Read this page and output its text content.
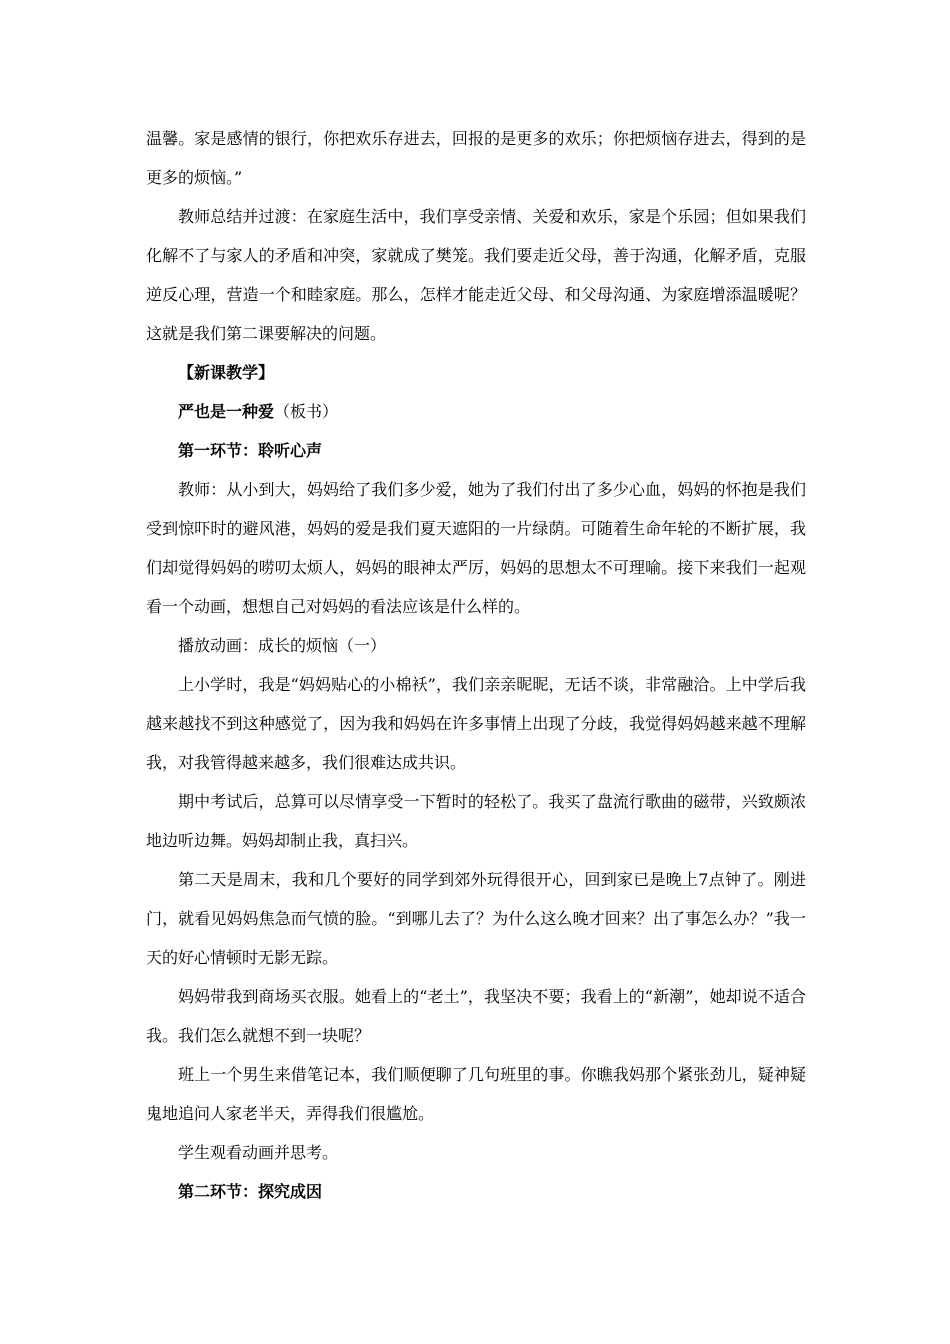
温馨。家是感情的银行，你把欢乐存进去，回报的是更多的欢乐；你把烦恼存进去，得到的是更多的烦恼。”

教师总结并过渡：在家庭生活中，我们享受亲情、关爱和欢乐，家是个乐园；但如果我们化解不了与家人的矛盾和冲突，家就成了樊笼。我们要走近父母，善于沟通，化解矛盾，克服逆反心理，营造一个和睦家庭。那么，怎样才能走近父母、和父母沟通、为家庭增添温暖呢？这就是我们第二课要解决的问题。

【新课教学】

严也是一种爱（板书）

第一环节：聆听心声

教师：从小到大，妈妈给了我们多少爱，她为了我们付出了多少心血，妈妈的怀抱是我们受到惊吓时的避风港，妈妈的爱是我们夏天遮阳的一片绿荫。可随着生命年轮的不断扩展，我们却觉得妈妈的唠叨太烦人，妈妈的眼神太严厉，妈妈的思想太不可理喻。接下来我们一起观看一个动画，想想自己对妈妈的看法应该是什么样的。

播放动画：成长的烦恼（一）

上小学时，我是“妈妈贴心的小棉袄”，我们亲亲昵昵，无话不谈，非常融洽。上中学后我越来越找不到这种感觉了，因为我和妈妈在许多事情上出现了分歧，我觉得妈妈越来越不理解我，对我管得越来越多，我们很难达成共识。

期中考试后，总算可以尽情享受一下暂时的轻松了。我买了盘流行歌曲的磁带，兴致颇浓地边听边舞。妈妈却制止我，真扫兴。

第二天是周末，我和几个要好的同学到郊外玩得很开心，回到家已是晚上7点钟了。刚进门，就看见妈妈焦急而气愤的脸。“到哪儿去了？为什么这么晚才回来？出了事怎么办？”我一天的好心情顿时无影无踪。

妈妈带我到商场买衣服。她看上的“老土”，我坚决不要；我看上的“新潮”，她却说不适合我。我们怎么就想不到一块呢？

班上一个男生来借笔记本，我们顺便聊了几句班里的事。你瞧我妈那个紧张劲儿，疑神疑鬼地追问人家老半天，弄得我们很尴尬。

学生观看动画并思考。

第二环节：探究成因
